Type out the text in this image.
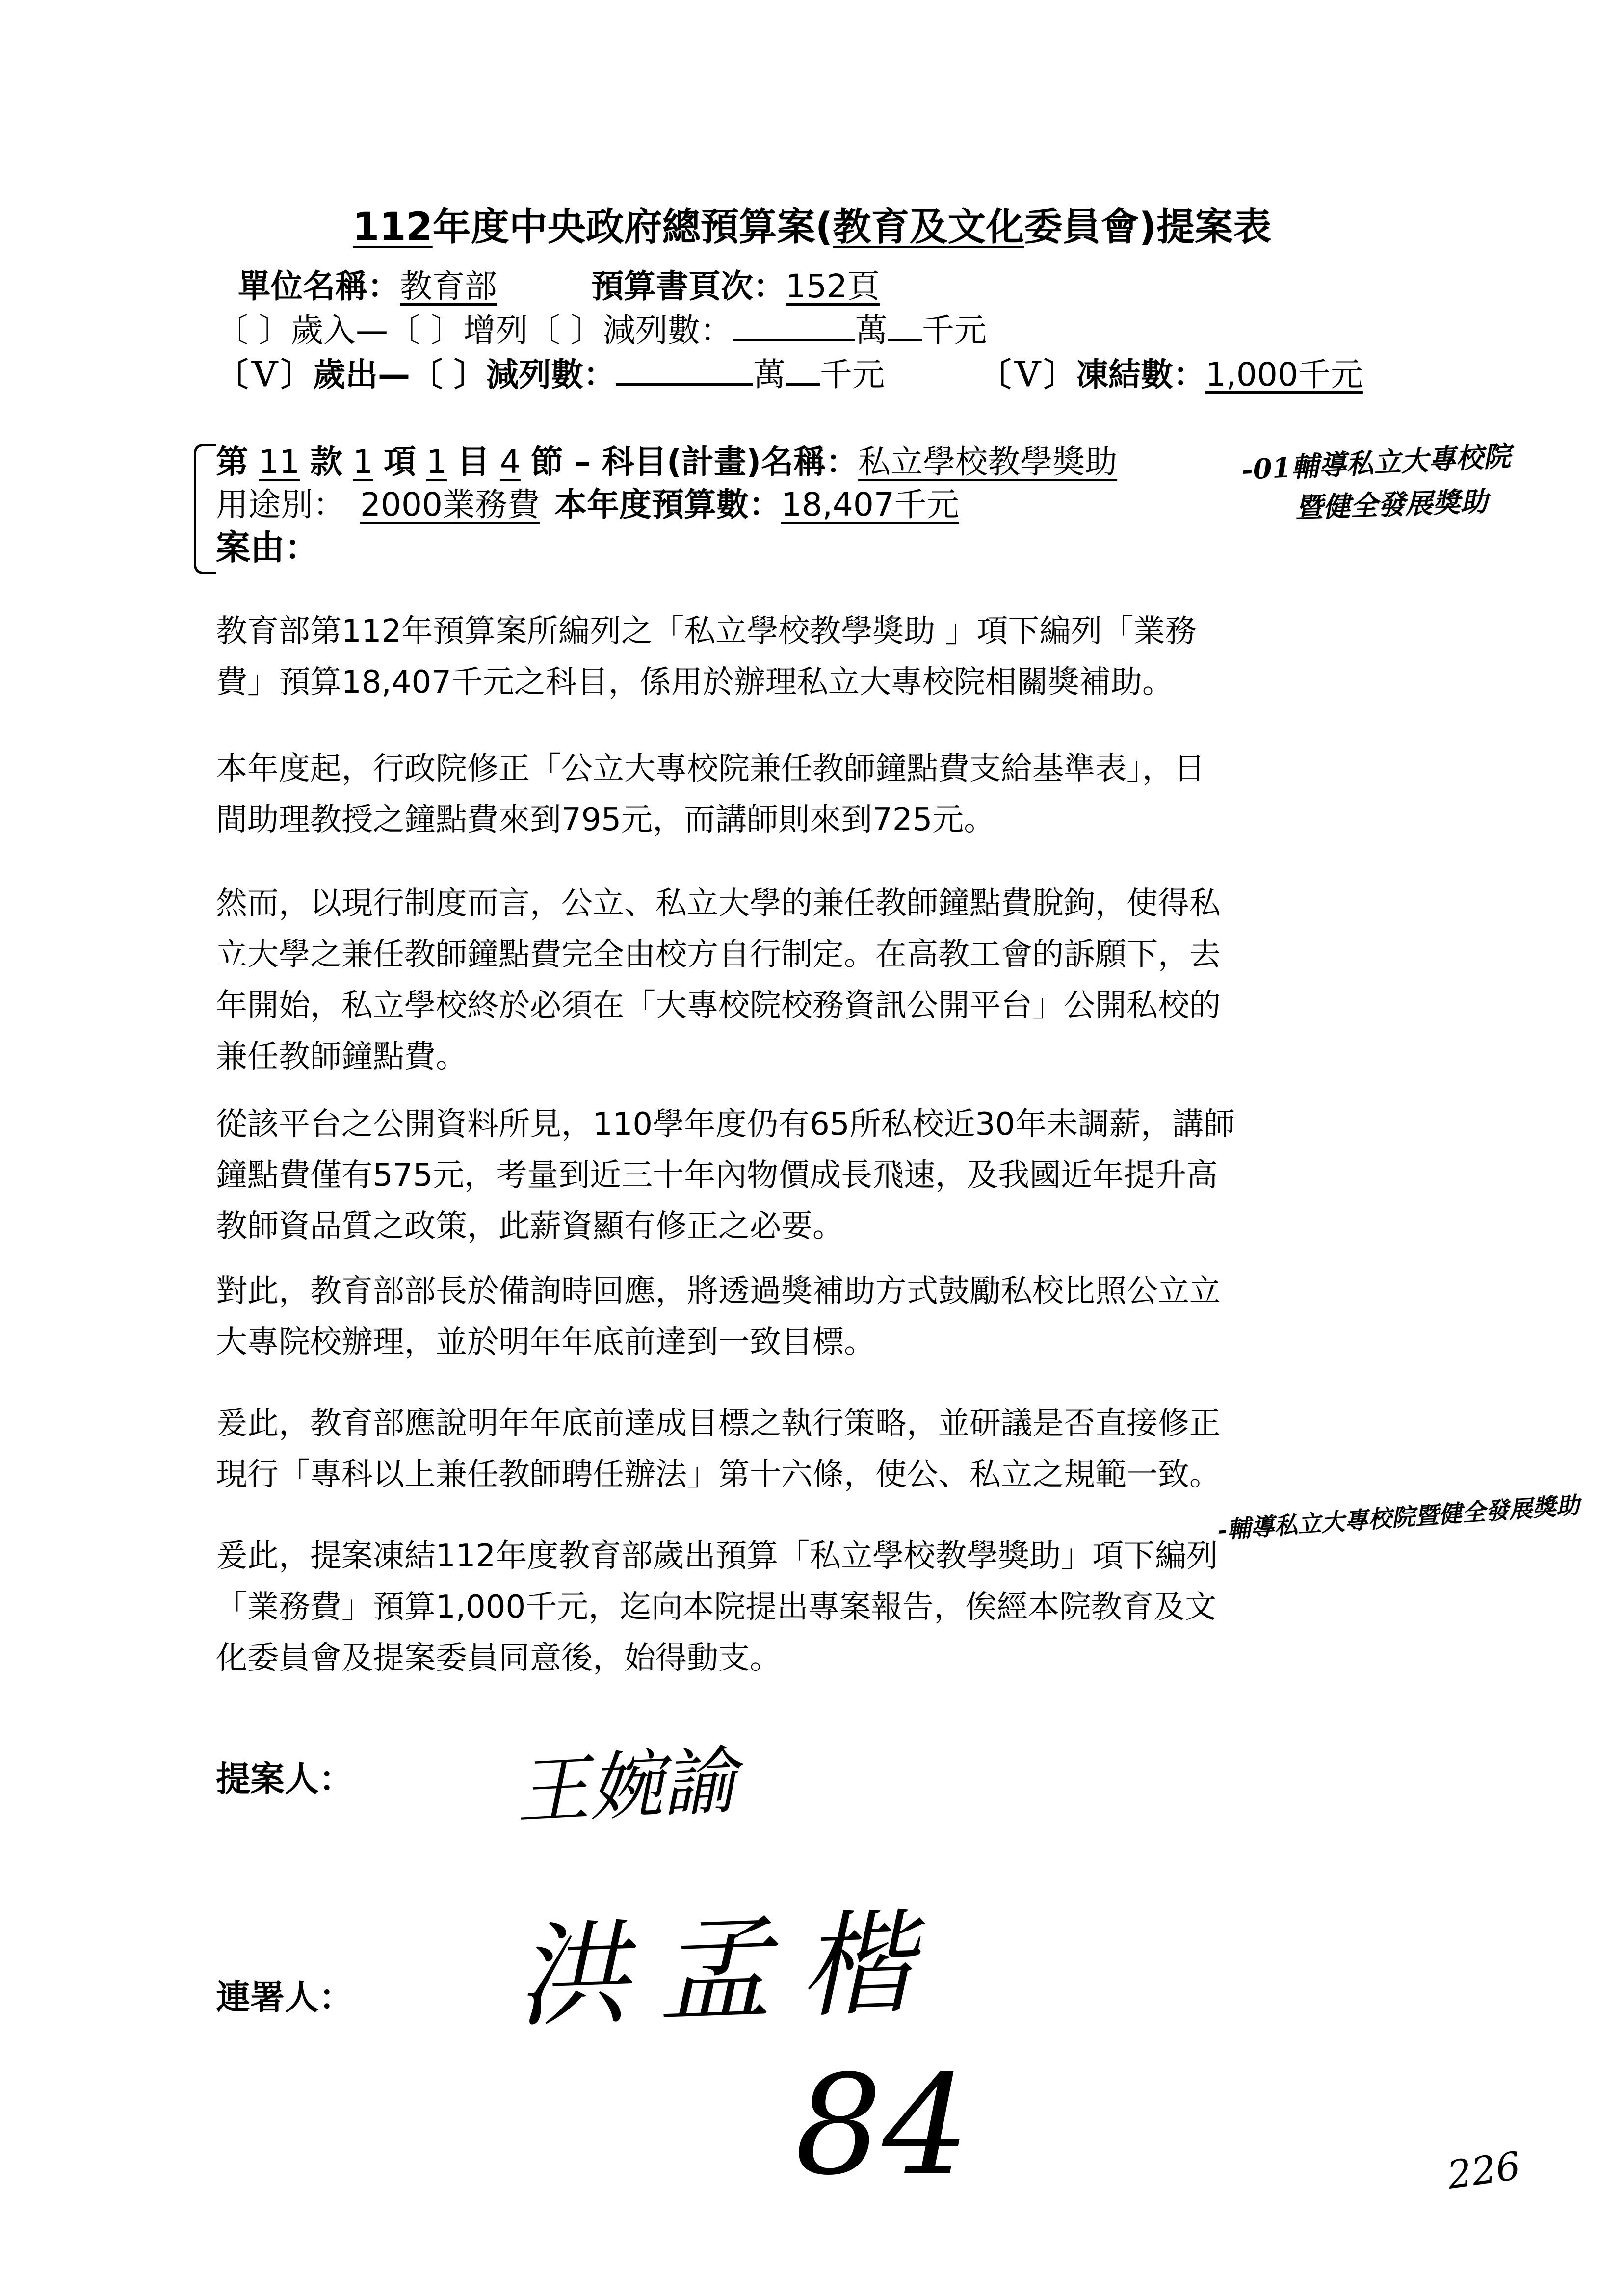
112年度中央政府總預算案(教育及文化委員會)提案表
單位名稱：教育部	預算書頁次：152頁
〔 〕歲入—〔 〕增列〔 〕減列數：	萬 千元
〔Ｖ〕歲出—〔 〕減列數：	萬 千元	〔Ｖ〕凍結數：1,000千元
第 11 款 1 項 1 目 4 節 – 科目(計畫)名稱：私立學校教學獎助	-01輔導私立大專校院
暨健全發展獎助
用途別： 2000業務費 本年度預算數：18,407千元
案由：
教育部第112年預算案所編列之「私立學校教學獎助 」項下編列「業務
費」預算18,407千元之科目，係用於辦理私立大專校院相關獎補助。
本年度起，行政院修正「公立大專校院兼任教師鐘點費支給基準表」，日
間助理教授之鐘點費來到795元，而講師則來到725元。
然而，以現行制度而言，公立、私立大學的兼任教師鐘點費脫鉤，使得私
立大學之兼任教師鐘點費完全由校方自行制定。在高教工會的訴願下，去
年開始，私立學校終於必須在「大專校院校務資訊公開平台」公開私校的
兼任教師鐘點費。
從該平台之公開資料所見，110學年度仍有65所私校近30年未調薪，講師
鐘點費僅有575元，考量到近三十年內物價成長飛速，及我國近年提升高
教師資品質之政策，此薪資顯有修正之必要。
對此，教育部部長於備詢時回應，將透過獎補助方式鼓勵私校比照公立立
大專院校辦理，並於明年年底前達到一致目標。
爰此，教育部應說明年年底前達成目標之執行策略，並研議是否直接修正
現行「專科以上兼任教師聘任辦法」第十六條，使公、私立之規範一致。
-輔導私立大專校院暨健全發展獎助
爰此，提案凍結112年度教育部歲出預算「私立學校教學獎助」項下編列
「業務費」預算1,000千元，迄向本院提出專案報告，俟經本院教育及文
化委員會及提案委員同意後，始得動支。
提案人： 王婉諭
連署人： 洪孟楷
84	226
